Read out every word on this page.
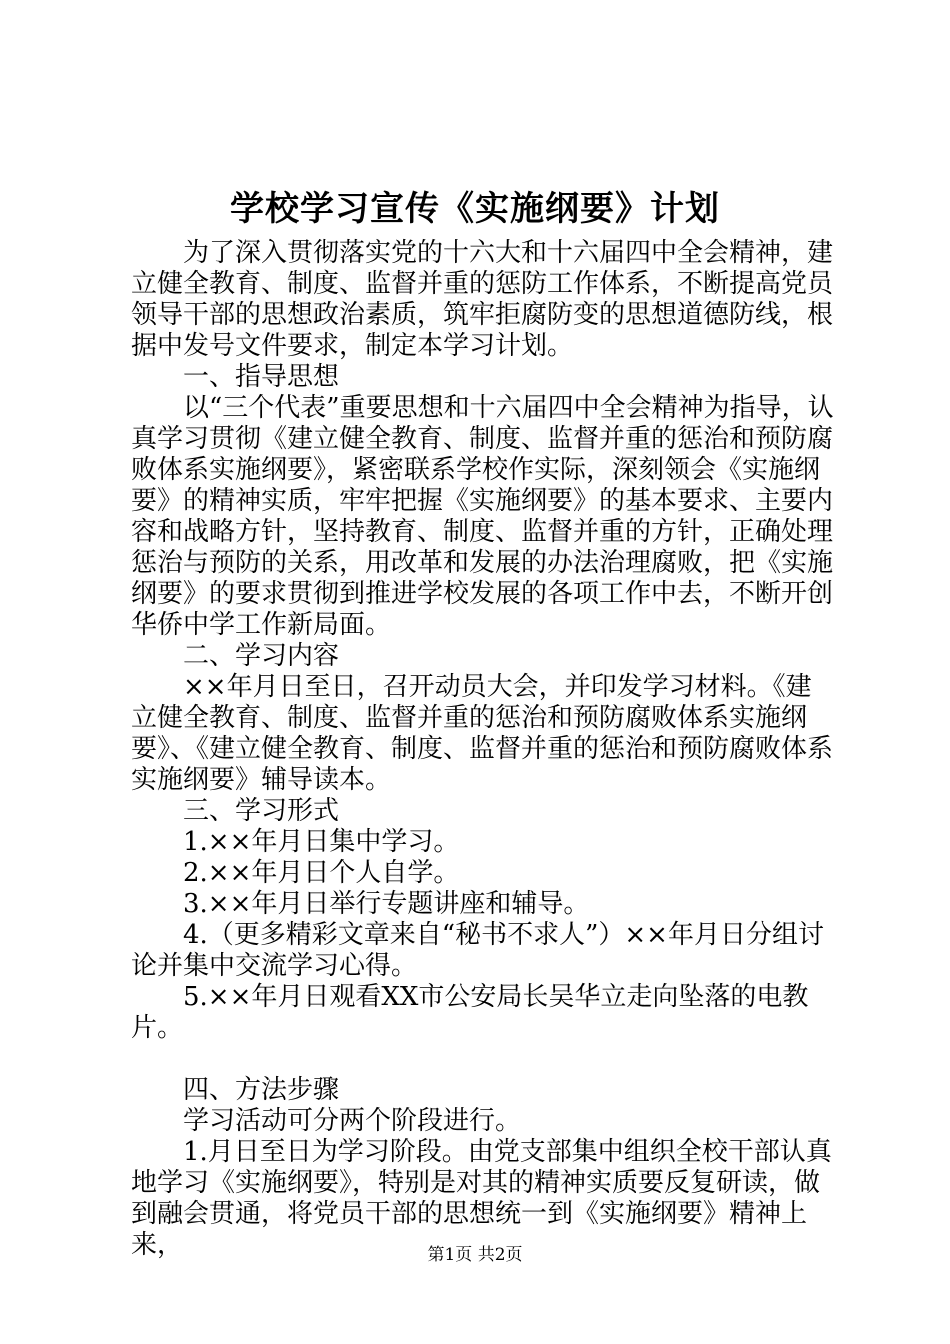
学校学习宣传《实施纲要》计划

为了深入贯彻落实党的十六大和十六届四中全会精神，建立健全教育、制度、监督并重的惩防工作体系，不断提高党员领导干部的思想政治素质，筑牢拒腐防变的思想道德防线，根据中发号文件要求，制定本学习计划。

一、指导思想

以“三个代表”重要思想和十六届四中全会精神为指导，认真学习贯彻《建立健全教育、制度、监督并重的惩治和预防腐败体系实施纲要》，紧密联系学校作实际，深刻领会《实施纲要》的精神实质，牢牢把握《实施纲要》的基本要求、主要内容和战略方针，坚持教育、制度、监督并重的方针，正确处理惩治与预防的关系，用改革和发展的办法治理腐败，把《实施纲要》的要求贯彻到推进学校发展的各项工作中去，不断开创华侨中学工作新局面。

二、学习内容

××年月日至日，召开动员大会，并印发学习材料。《建立健全教育、制度、监督并重的惩治和预防腐败体系实施纲要》、《建立健全教育、制度、监督并重的惩治和预防腐败体系实施纲要》辅导读本。

三、学习形式

1.××年月日集中学习。

2.××年月日个人自学。

3.××年月日举行专题讲座和辅导。

4.（更多精彩文章来自“秘书不求人”）××年月日分组讨论并集中交流学习心得。

5.××年月日观看XX市公安局长吴华立走向坠落的电教片。

四、方法步骤

学习活动可分两个阶段进行。

1.月日至日为学习阶段。由党支部集中组织全校干部认真地学习《实施纲要》，特别是对其的精神实质要反复研读，做到融会贯通，将党员干部的思想统一到《实施纲要》精神上来，	第1页 共2页
